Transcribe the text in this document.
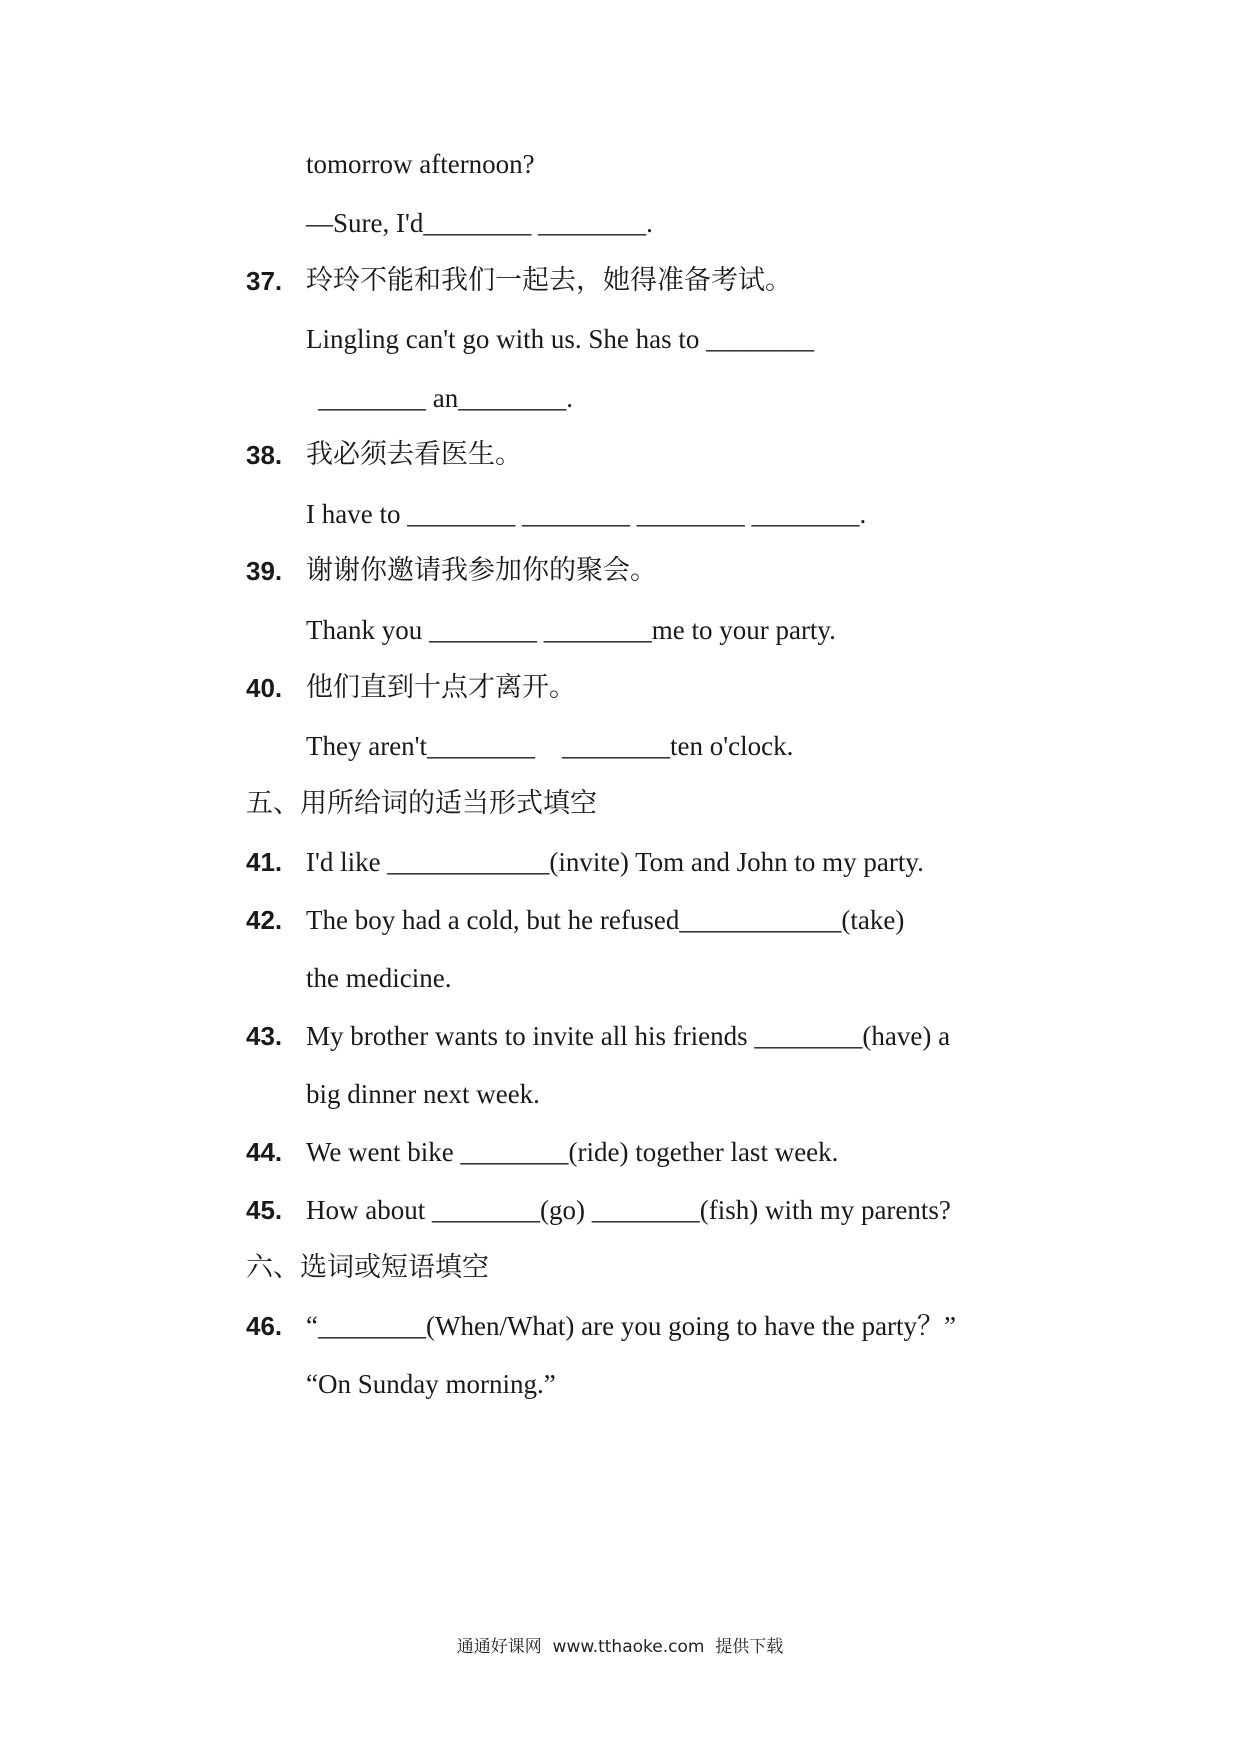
tomorrow afternoon?
—Sure, I'd________ ________.
37. 玲玲不能和我们一起去，她得准备考试。
Lingling can't go with us. She has to ________
________ an________.
38. 我必须去看医生。
I have to ________ ________ ________ ________.
39. 谢谢你邀请我参加你的聚会。
Thank you ________ ________me to your party.
40. 他们直到十点才离开。
They aren't________    ________ten o'clock.
五、用所给词的适当形式填空
41. I'd like ____________(invite) Tom and John to my party.
42. The boy had a cold, but he refused____________(take)
the medicine.
43. My brother wants to invite all his friends ________(have) a
big dinner next week.
44. We went bike ________(ride) together last week.
45. How about ________(go) ________(fish) with my parents?
六、选词或短语填空
46. “________(When/What) are you going to have the party？”
“On Sunday morning.”
通通好课网  www.tthaoke.com  提供下载
